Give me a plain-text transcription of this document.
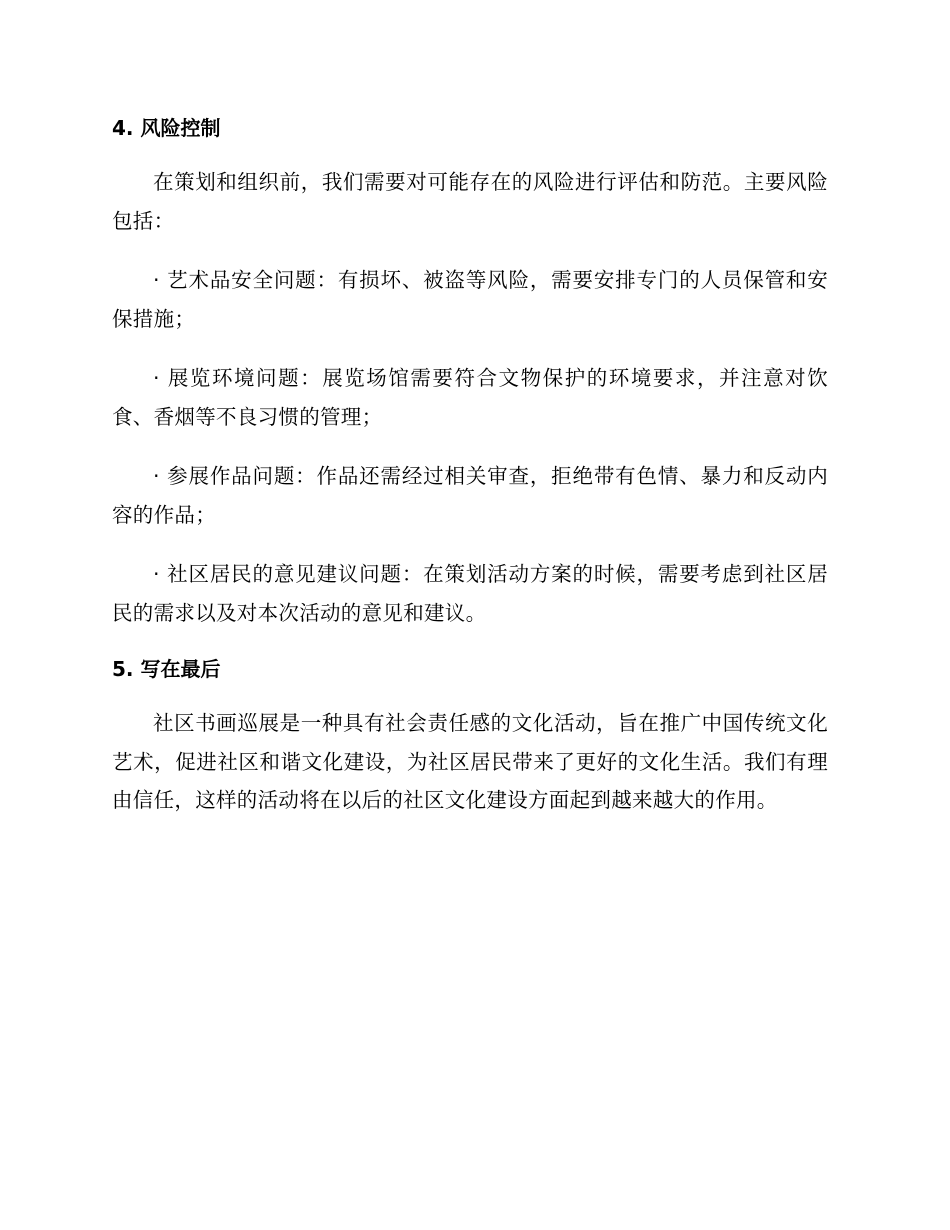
4. 风险控制

在策划和组织前，我们需要对可能存在的风险进行评估和防范。主要风险包括：

· 艺术品安全问题：有损坏、被盗等风险，需要安排专门的人员保管和安保措施；

· 展览环境问题：展览场馆需要符合文物保护的环境要求，并注意对饮食、香烟等不良习惯的管理；

· 参展作品问题：作品还需经过相关审查，拒绝带有色情、暴力和反动内容的作品；

· 社区居民的意见建议问题：在策划活动方案的时候，需要考虑到社区居民的需求以及对本次活动的意见和建议。

5. 写在最后

社区书画巡展是一种具有社会责任感的文化活动，旨在推广中国传统文化艺术，促进社区和谐文化建设，为社区居民带来了更好的文化生活。我们有理由信任，这样的活动将在以后的社区文化建设方面起到越来越大的作用。
